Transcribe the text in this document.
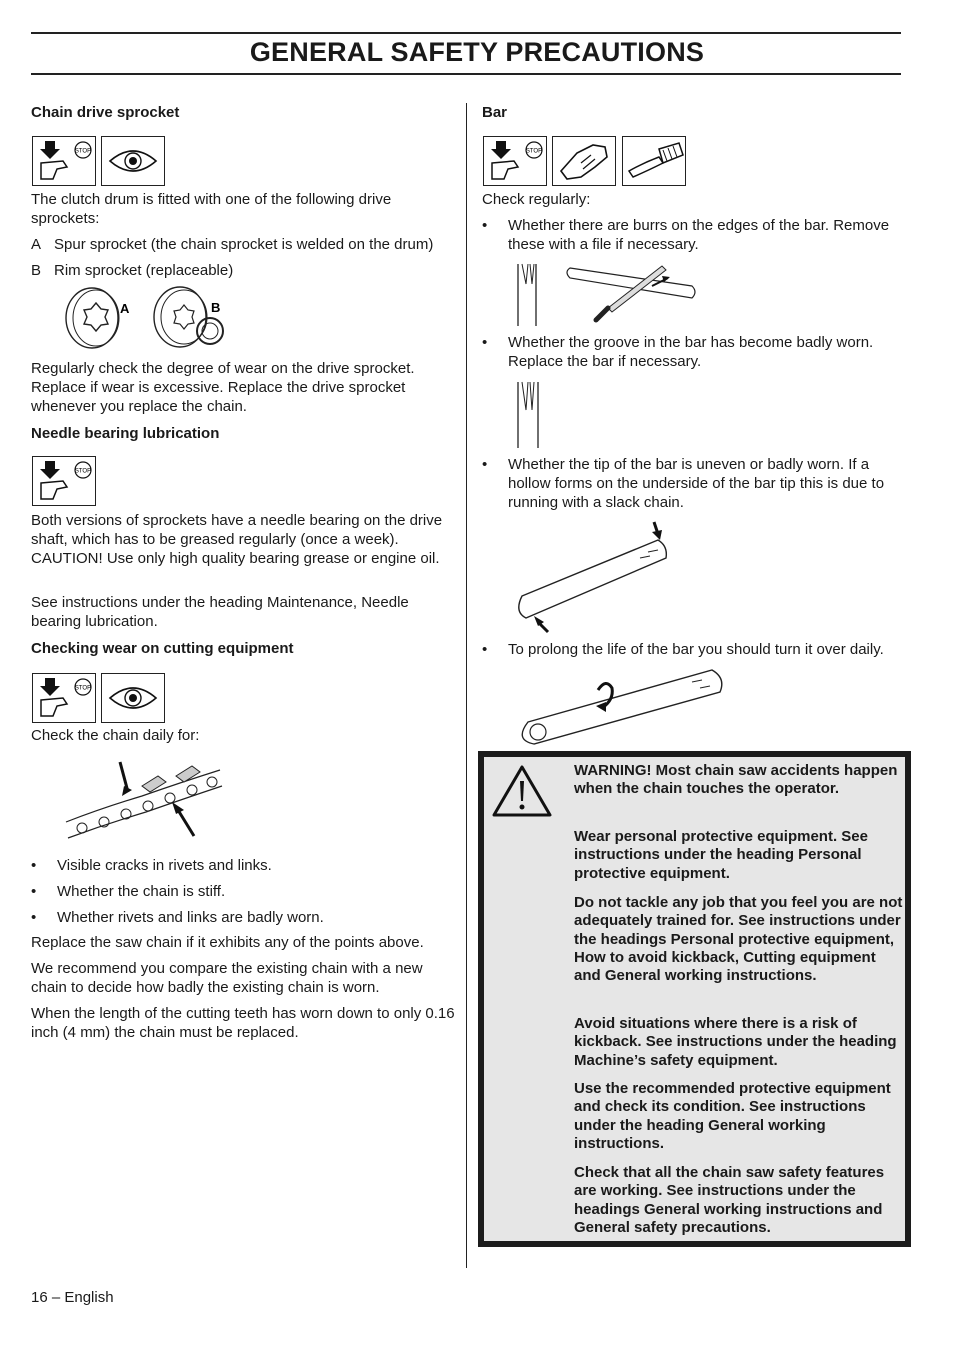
GENERAL SAFETY PRECAUTIONS
Chain drive sprocket
STOP

The clutch drum is fitted with one of the following drive sprockets:

A Spur sprocket (the chain sprocket is welded on the drum)
B Rim sprocket (replaceable)
A	B

Regularly check the degree of wear on the drive sprocket. Replace if wear is excessive. Replace the drive sprocket whenever you replace the chain.

Needle bearing lubrication
STOP

Both versions of sprockets have a needle bearing on the drive shaft, which has to be greased regularly (once a week). CAUTION! Use only high quality bearing grease or engine oil.

See instructions under the heading Maintenance, Needle bearing lubrication.

Checking wear on cutting equipment
STOP

Check the chain daily for:

• Visible cracks in rivets and links.
• Whether the chain is stiff.
• Whether rivets and links are badly worn.

Replace the saw chain if it exhibits any of the points above.

We recommend you compare the existing chain with a new chain to decide how badly the existing chain is worn.

When the length of the cutting teeth has worn down to only 0.16 inch (4 mm) the chain must be replaced.

Bar
STOP

Check regularly:

• Whether there are burrs on the edges of the bar. Remove these with a file if necessary.
• Whether the groove in the bar has become badly worn. Replace the bar if necessary.
• Whether the tip of the bar is uneven or badly worn. If a hollow forms on the underside of the bar tip this is due to running with a slack chain.
• To prolong the life of the bar you should turn it over daily.

WARNING! Most chain saw accidents happen when the chain touches the operator.

Wear personal protective equipment. See instructions under the heading Personal protective equipment.

Do not tackle any job that you feel you are not adequately trained for. See instructions under the headings Personal protective equipment, How to avoid kickback, Cutting equipment and General working instructions.

Avoid situations where there is a risk of kickback. See instructions under the heading Machine’s safety equipment.

Use the recommended protective equipment and check its condition. See instructions under the heading General working instructions.

Check that all the chain saw safety features are working. See instructions under the headings General working instructions and General safety precautions.

16 – English
